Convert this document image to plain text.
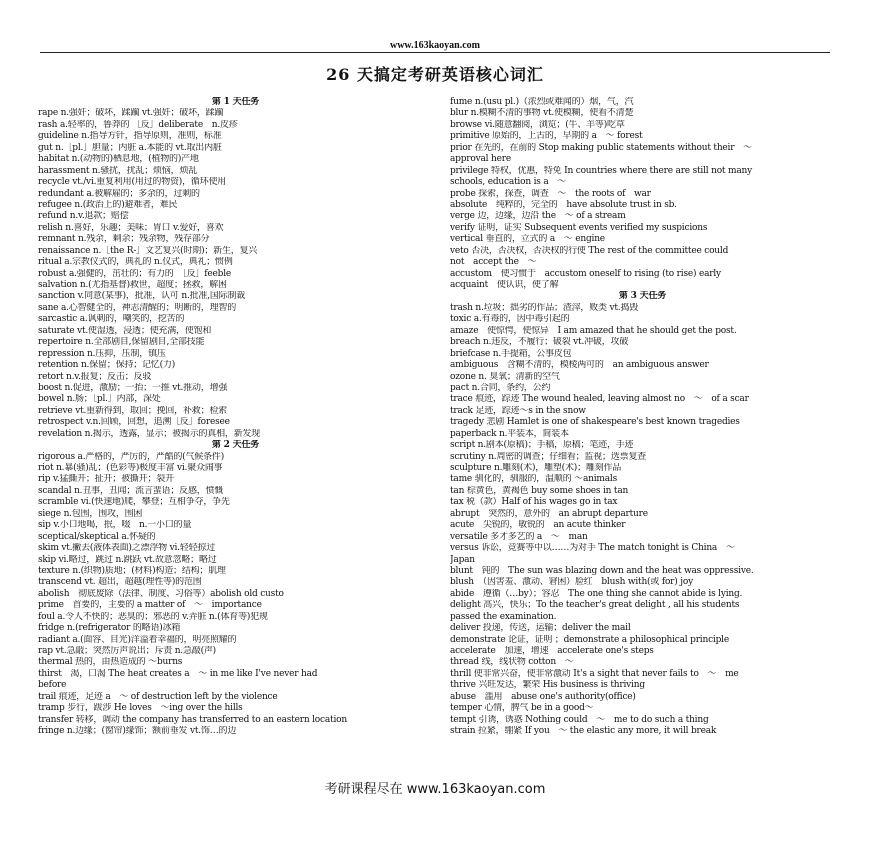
www.163kaoyan.com
26 天搞定考研英语核心词汇
第 1 天任务
rape n.强奸；破坏，蹂躏 vt.强奸；破坏，蹂躏
rash a.轻率的，鲁莽的 ［反］deliberate　n.皮疹
guideline n.指导方针，指导原则，准则，标准
gut n.［pl.］胆量；内脏 a.本能的 vt.取出内脏
habitat n.(动物的)栖息地，(植物的)产地
harassment n.骚扰，扰乱；烦恼，烦乱
recycle vt./vi.重复利用(用过的物资)，循环使用
redundant a.被解雇的；多余的，过剩的
refugee n.(政治上的)避难者，难民
refund n.v.退款；赔偿
relish n.喜好，乐趣；美味；胃口 v.爱好，喜欢
remnant n.残余，剩余；残余物，残存部分
renaissance n.［the R-］文艺复兴(时期)；新生，复兴
ritual a.宗教仪式的，典礼的 n.仪式，典礼；惯例
robust a.强健的，茁壮的；有力的　［反］feeble
salvation n.(尤指基督)救世，超度；拯救，解困
sanction v.同意(某事)，批准，认可 n.批准,国际制裁
sane a.心智健全的，神志清醒的；明断的，理智的
sarcastic a.讽刺的，嘲笑的，挖苦的
saturate vt.使湿透，浸透；使充满，使饱和
repertoire n.全部剧目,保留剧目,全部技能
repression n.压抑，压制，镇压
retention n.保留；保持；记忆(力)
retort n.v.报复；反击；反驳
boost n.促进，激励；一抬；一推 vt.推动，增强
bowel n.肠；［pl.］内部，深处
retrieve vt.重新得到，取回；挽回，补救；检索
retrospect v.n.回顾，回想，追溯［反］foresee
revelation n.揭示，透露，显示；被揭示的真相，新发现
第 2 天任务
rigorous a.严格的，严厉的，严酷的(气候条件)
riot n.暴(骚)乱；(色彩等)极度丰富 vi.聚众闹事
rip v.猛撕开；扯开；被撕开；裂开
scandal n.丑事，丑闻；流言蜚语；反感，愤慨
scramble vi.(快速地)爬，攀登；互相争夺，争先
siege n.包围，围攻，围困
sip v.小口地喝，抿，啜　n.一小口的量
sceptical/skeptical a.怀疑的
skim vt.撇去(液体表面)之漂浮物 vi.轻轻掠过
skip vi.略过，跳过 n.跳跃 vt.故意忽略；略过
texture n.(织物)质地；(材料)构造；结构；肌理
transcend vt. 超出，超越(理性等)的范围
abolish　彻底废除（法律、制度、习俗等）abolish old custo
prime　首要的，主要的 a matter of　～　importance
foul a.令人不快的；恶臭的；邪恶的 v.弄脏 n.(体育等)犯规
fridge n.(refrigerator 的略语)冰箱
radiant a.(面容、目光)洋溢着幸福的，明亮照耀的
rap vt.急敲；突然厉声说出；斥责 n.急敲(声)
thermal 热的，由热造成的 ～burns
thirst　渴，口渴 The heat creates a　～ in me like I've never had
before
trail 痕迹，足迹 a　～ of destruction left by the violence
tramp 步行，跋涉 He loves　～ing over the hills
transfer 转移，调动 the company has transferred to an eastern location
fringe n.边缘；(窗帘)缘饰；额前垂发 vt.饰…的边
fume n.(usu pl.)（浓烈或难闻的）烟，气，汽
blur n.模糊不清的事物 vt.使模糊，使看不清楚
browse vi.随意翻阅，浏览；(牛、羊等)吃草
primitive 原始的，上古的，早期的 a　～ forest
prior 在先的，在前的 Stop making public statements without their　～
approval here
privilege 特权，优惠，特免 In countries where there are still not many
schools, education is a　～
probe 探索，探查，调查　～　the roots of　war
absolute　纯粹的，完全的　have absolute trust in sb.
verge 边，边缘，边沿 the　～ of a stream
verify 证明，证实 Subsequent events verified my suspicions
vertical 垂直的，立式的 a　～ engine
veto 否决，否决权，否决权的行使 The rest of the committee could
not　accept the　～
accustom　使习惯于　accustom oneself to rising (to rise) early
acquaint　使认识，使了解
第 3 天任务
trash n.垃圾；拙劣的作品；渣滓，败类 vt.捣毁
toxic a.有毒的，因中毒引起的
amaze　使惊愕，使惊异　I am amazed that he should get the post.
breach n.违反，不履行；破裂 vt.冲破，攻破
briefcase n.手提箱，公事皮包
ambiguous　含糊不清的，模棱两可的　an ambiguous answer
ozone n. 臭氧；清新的空气
pact n.合同，条约，公约
trace 痕迹，踪迹 The wound healed, leaving almost no　～　of a scar
track 足迹，踪迹～s in the snow
tragedy 悲剧 Hamlet is one of shakespeare's best known tragedies
paperback n.平装本，简装本
script n.剧本(原稿)；手稿，原稿；笔迹，手迹
scrutiny n.周密的调查；仔细看；监视；选票复查
sculpture n.雕刻(术)，雕塑(术)；雕刻作品
tame 驯化的，驯服的，温顺的 ～animals
tan 棕黄色，黄褐色 buy some shoes in tan
tax 税（款）Half of his wages go in tax
abrupt　突然的，意外的　an abrupt departure
acute　尖锐的，敏锐的　an acute thinker
versatile 多才多艺的 a　～　man
versus 诉讼，竞赛等中以……为对手 The match tonight is China　～
Japan
blunt　钝的　The sun was blazing down and the heat was oppressive.
blush　（因害羞、激动、窘困）脸红　blush with(或 for) joy
abide　遵循（…by）；容忍　The one thing she cannot abide is lying.
delight 高兴，快乐；To the teacher's great delight , all his students
passed the examination.
deliver 投递，传送，运输；deliver the mail
demonstrate 论证，证明 ；demonstrate a philosophical principle
accelerate　加速，增速　accelerate one's steps
thread 线，线状物 cotton　～
thrill 使非常兴奋，使非常激动 It's a sight that never fails to　～　me
thrive 兴旺发达，繁荣 His business is thriving
abuse　滥用　abuse one's authority(office)
temper 心情，脾气 be in a good～
tempt 引诱，诱惑 Nothing could　～　me to do such a thing
strain 拉紧，绷紧 If you　～ the elastic any more, it will break
考研课程尽在 www.163kaoyan.com
